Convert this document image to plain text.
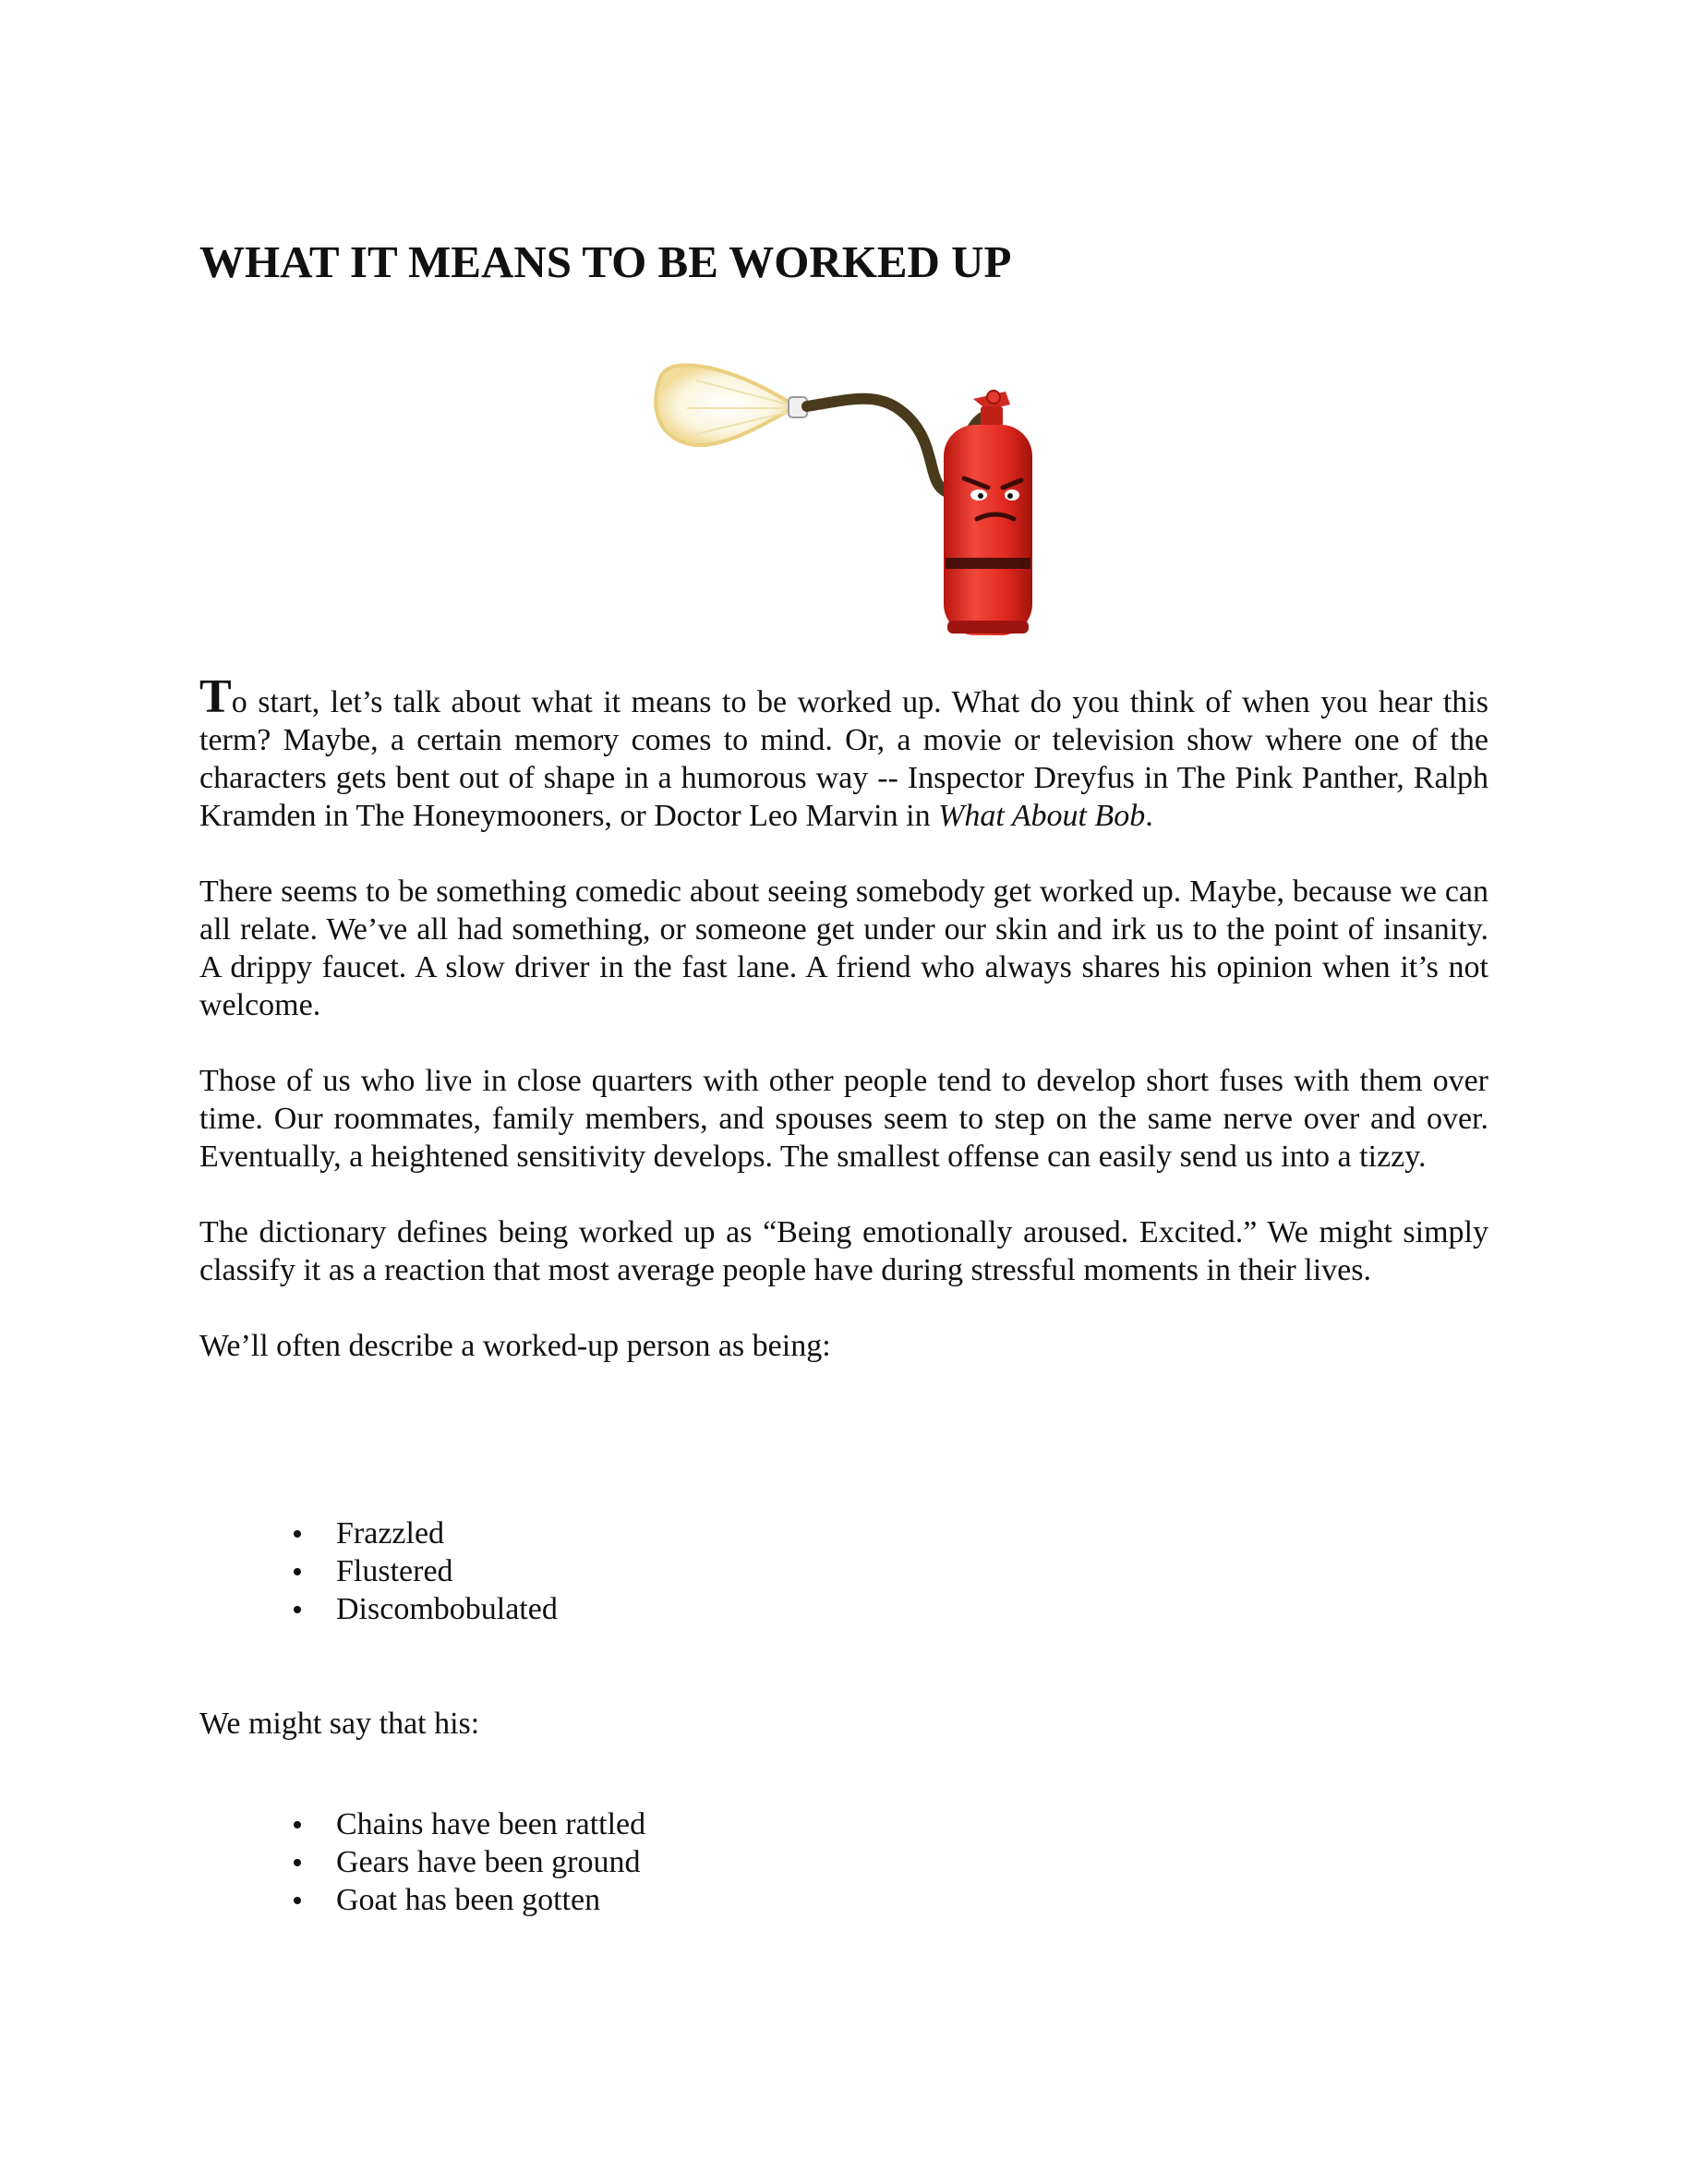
WHAT IT MEANS TO BE WORKED UP

To start, let’s talk about what it means to be worked up. What do you think of when you hear this term? Maybe, a certain memory comes to mind. Or, a movie or television show where one of the characters gets bent out of shape in a humorous way -- Inspector Dreyfus in The Pink Panther, Ralph Kramden in The Honeymooners, or Doctor Leo Marvin in What About Bob.

There seems to be something comedic about seeing somebody get worked up. Maybe, because we can all relate. We’ve all had something, or someone get under our skin and irk us to the point of insanity. A drippy faucet. A slow driver in the fast lane. A friend who always shares his opinion when it’s not welcome.

Those of us who live in close quarters with other people tend to develop short fuses with them over time. Our roommates, family members, and spouses seem to step on the same nerve over and over. Eventually, a heightened sensitivity develops. The smallest offense can easily send us into a tizzy.

The dictionary defines being worked up as “Being emotionally aroused. Excited.” We might simply classify it as a reaction that most average people have during stressful moments in their lives.

We’ll often describe a worked-up person as being:

Frazzled
Flustered
Discombobulated

We might say that his:

Chains have been rattled
Gears have been ground
Goat has been gotten
